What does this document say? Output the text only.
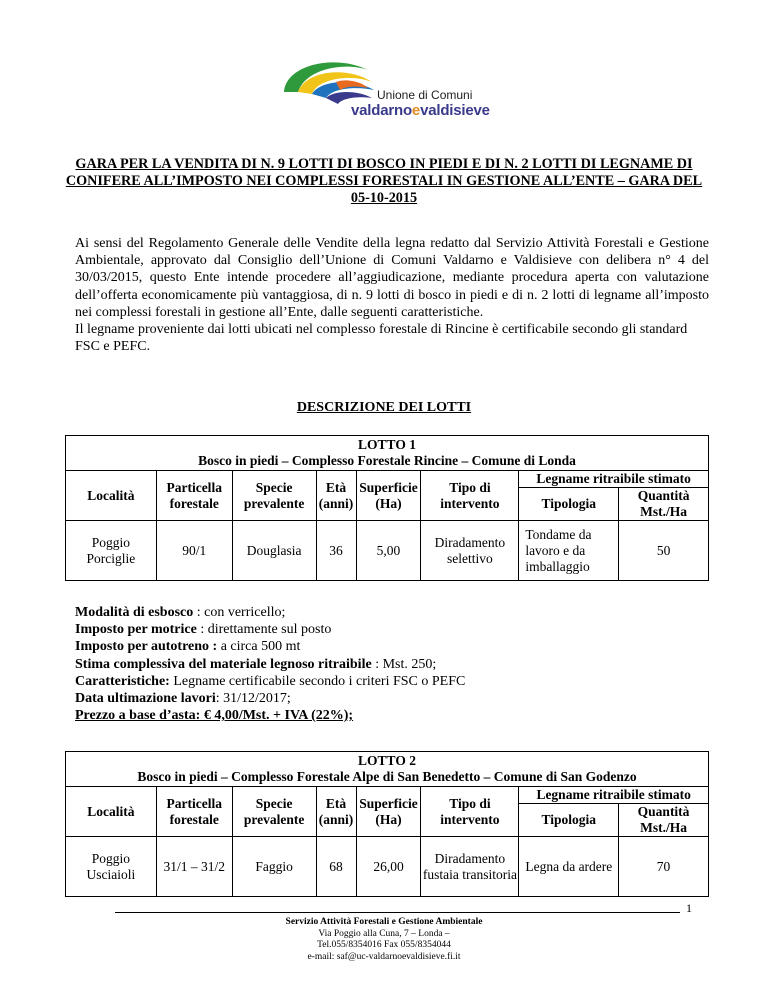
Unione di Comuni
valdarnoevaldisieve
GARA PER LA VENDITA DI N. 9 LOTTI DI BOSCO IN PIEDI E DI N. 2 LOTTI DI LEGNAME DI CONIFERE ALL’IMPOSTO NEI COMPLESSI FORESTALI IN GESTIONE ALL’ENTE – GARA DEL 05-10-2015

Ai sensi del Regolamento Generale delle Vendite della legna redatto dal Servizio Attività Forestali e Gestione Ambientale, approvato dal Consiglio dell’Unione di Comuni Valdarno e Valdisieve con delibera n° 4 del 30/03/2015, questo Ente intende procedere all’aggiudicazione, mediante procedura aperta con valutazione dell’offerta economicamente più vantaggiosa, di n. 9 lotti di bosco in piedi e di n. 2 lotti di legname all’imposto nei complessi forestali in gestione all’Ente, dalle seguenti caratteristiche.

Il legname proveniente dai lotti ubicati nel complesso forestale di Rincine è certificabile secondo gli standard FSC e PEFC.

DESCRIZIONE DEI LOTTI
LOTTO 1
Bosco in piedi – Complesso Forestale Rincine – Comune di Londa							

Località	Particella forestale	Specie prevalente	Età (anni)	Superficie (Ha)	Tipo di intervento	Legname ritraibile stimato	
						Tipologia	Quantità Mst./Ha
Poggio Porciglie	90/1	Douglasia	36	5,00	Diradamento selettivo	Tondame da lavoro e da imballaggio	50
Modalità di esbosco : con verricello;
Imposto per motrice : direttamente sul posto
Imposto per autotreno : a circa 500 mt
Stima complessiva del materiale legnoso ritraibile : Mst. 250;
Caratteristiche: Legname certificabile secondo i criteri FSC o PEFC
Data ultimazione lavori: 31/12/2017;
Prezzo a base d’asta: € 4,00/Mst. + IVA (22%);
LOTTO 2
Bosco in piedi – Complesso Forestale Alpe di San Benedetto – Comune di San Godenzo							

Località	Particella forestale	Specie prevalente	Età (anni)	Superficie (Ha)	Tipo di intervento	Legname ritraibile stimato	
						Tipologia	Quantità Mst./Ha
Poggio Usciaioli	31/1 – 31/2	Faggio	68	26,00	Diradamento fustaia transitoria	Legna da ardere	70
1
Servizio Attività Forestali e Gestione Ambientale
Via Poggio alla Cuna, 7 – Londa –
Tel.055/8354016 Fax 055/8354044
e-mail: saf@uc-valdarnoevaldisieve.fi.it
